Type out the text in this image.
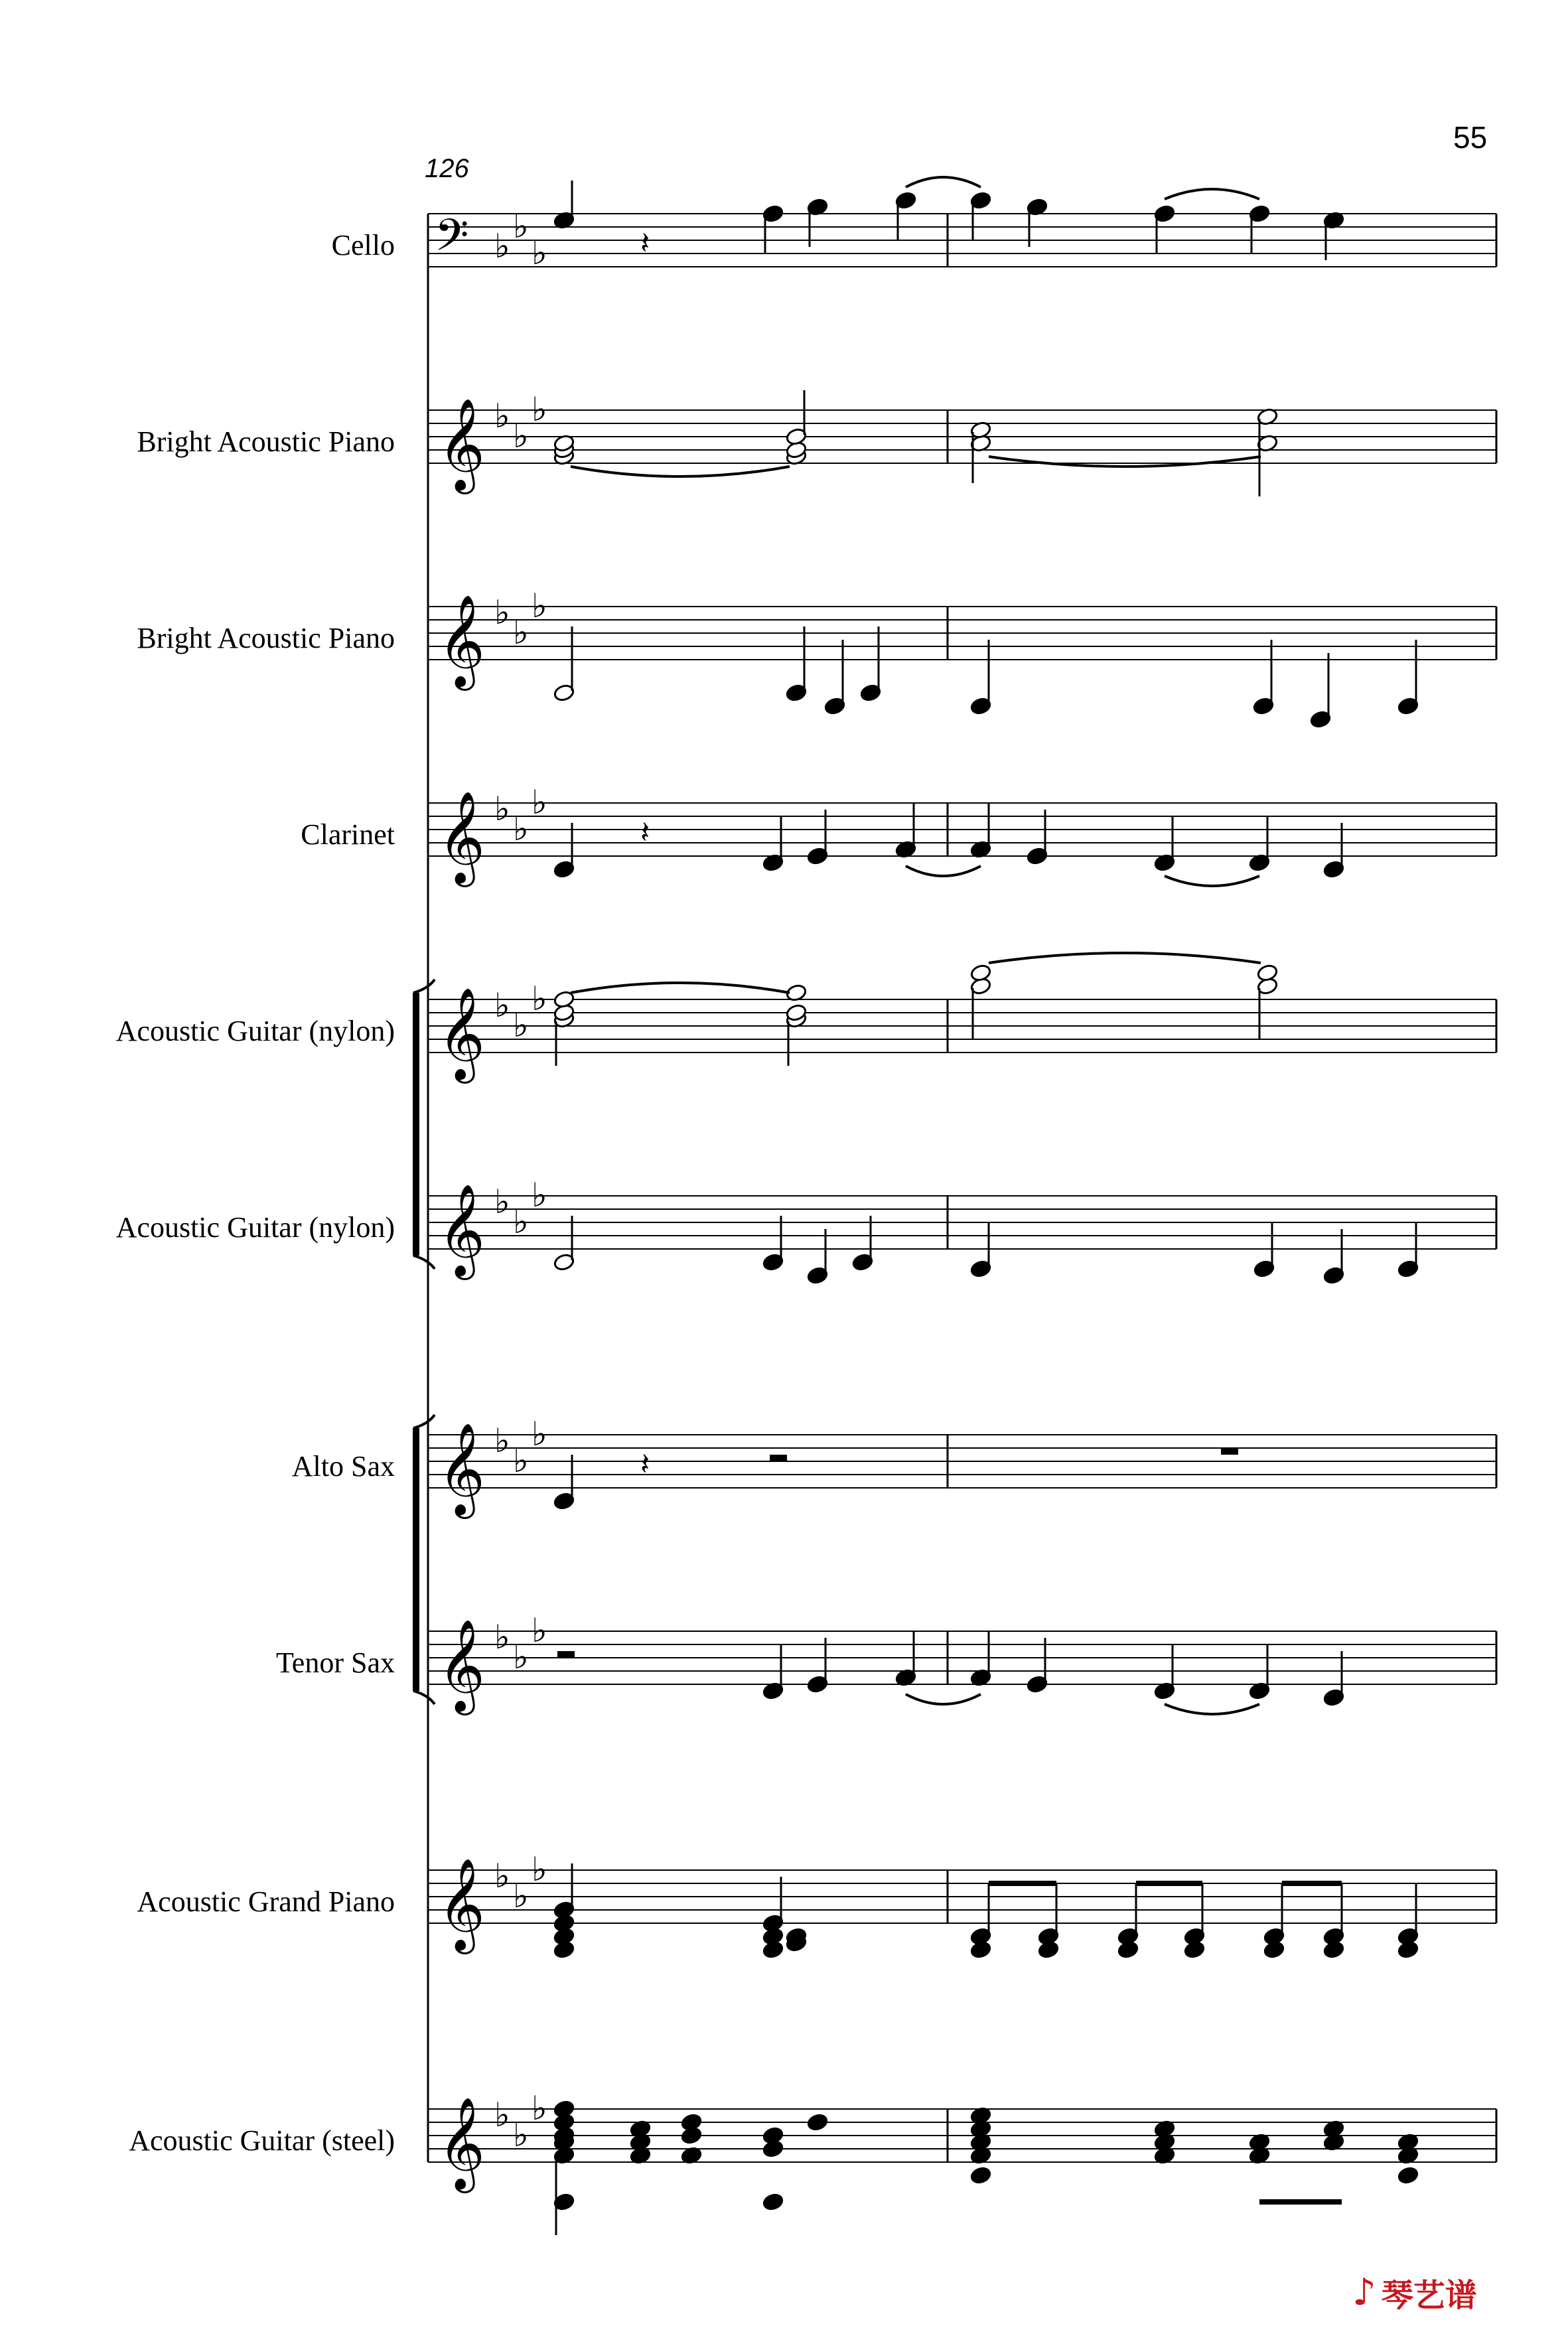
𝄢 ♭
♭
♭
𝄞 ♭
♭
♭
𝄞 ♭
♭
♭
𝄞 ♭
♭
♭
𝄞 ♭
♭
♭
𝄞 ♭
♭
♭
𝄞 ♭
♭
♭
𝄞 ♭
♭
♭
𝄞 ♭
♭
♭
𝄞 ♭
♭
♭
𝄽
𝄽
𝄽
55
126
Cello
Bright Acoustic Piano
Bright Acoustic Piano
Clarinet
Acoustic Guitar (nylon)
Acoustic Guitar (nylon)
Alto Sax
Tenor Sax
Acoustic Grand Piano
Acoustic Guitar (steel)
♪ 琴艺谱
